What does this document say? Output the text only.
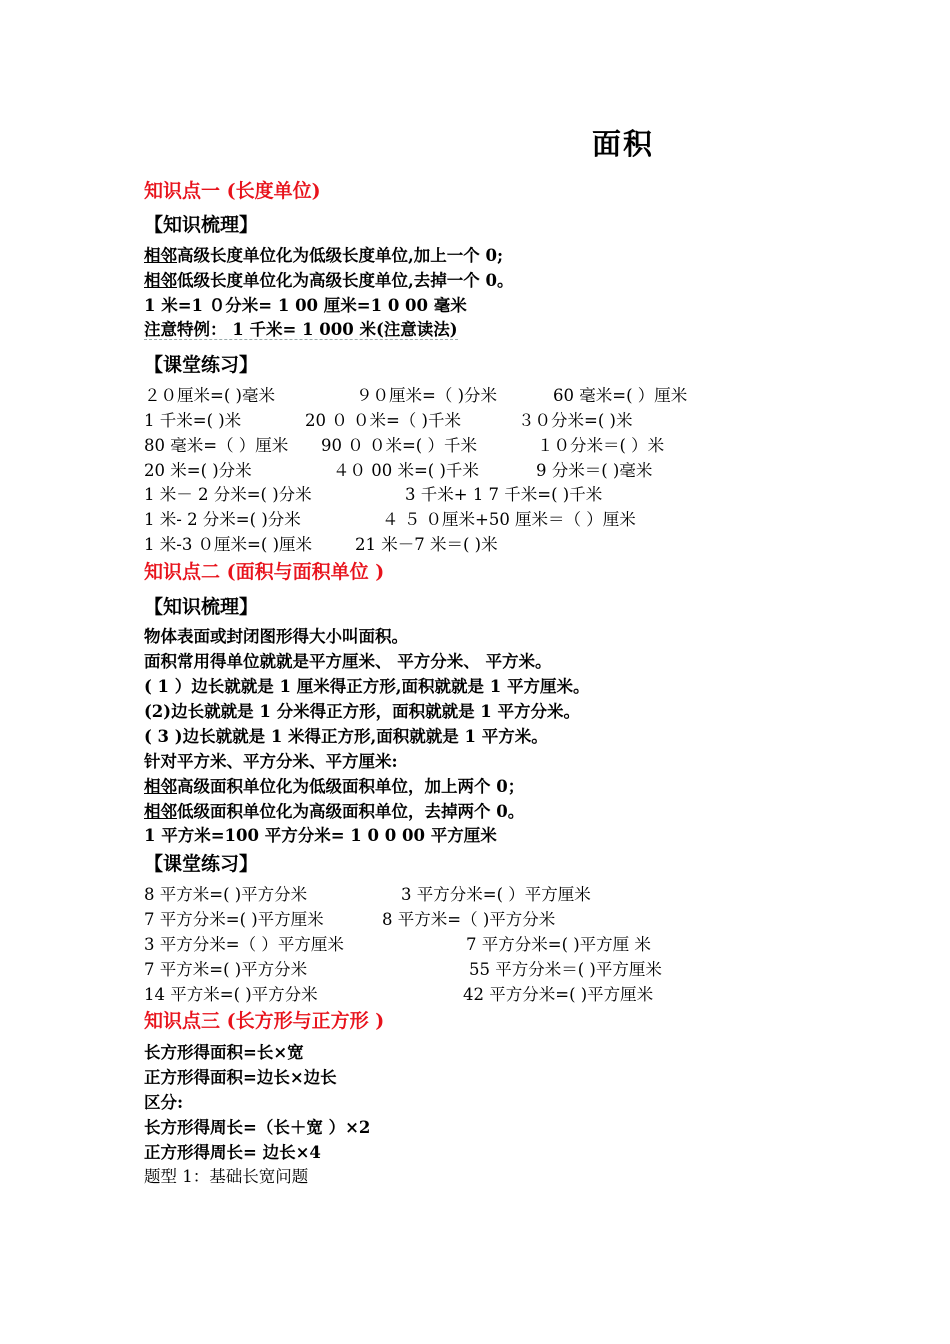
面积
知识点一 (长度单位)
【知识梳理】
相邻高级长度单位化为低级长度单位,加上一个 0;
相邻低级长度单位化为高级长度单位,去掉一个 0。
1 米=1 ０分米= 1 00 厘米=1 0 00 毫米
注意特例： 1 千米= 1 000 米(注意读法)
【课堂练习】
２０厘米=( )毫米	９０厘米=（ )分米	60 毫米=( ）厘米
1 千米=( )米	20 ０ ０米=（ )千米	３０分米=( )米
80 毫米=（ ）厘米 90 ０ ０米=( ）千米	１０分米＝( ）米
20 米=( )分米	４０ 00 米=( )千米	9 分米＝( )毫米
1 米－ 2 分米=( )分米	3 千米+ 1 7 千米=( )千米
1 米- 2 分米=( )分米	４ ５ ０厘米+50 厘米＝（ ）厘米
1 米-3 ０厘米=( )厘米	21 米－7 米＝( )米
知识点二 (面积与面积单位 )
【知识梳理】
物体表面或封闭图形得大小叫面积。
面积常用得单位就就是平方厘米、 平方分米、 平方米。
( 1 ）边长就就是 1 厘米得正方形,面积就就是 1 平方厘米。
(2)边长就就是 1 分米得正方形，面积就就是 1 平方分米。
( 3 )边长就就是 1 米得正方形,面积就就是 1 平方米。
针对平方米、平方分米、平方厘米:
相邻高级面积单位化为低级面积单位，加上两个 0；
相邻低级面积单位化为高级面积单位，去掉两个 0。
1 平方米=100 平方分米= 1 0 0 00 平方厘米
【课堂练习】
8 平方米=( )平方分米	3 平方分米=( ）平方厘米
7 平方分米=( )平方厘米	8 平方米=（ )平方分米
3 平方分米=（ ）平方厘米	7 平方分米=( )平方厘 米
7 平方米=( )平方分米	55 平方分米＝( )平方厘米
14 平方米=( )平方分米	42 平方分米=( )平方厘米
知识点三 (长方形与正方形 )
长方形得面积=长×宽
正方形得面积=边长×边长
区分:
长方形得周长=（长＋宽 ）×2
正方形得周长= 边长×4
题型 1：基础长宽问题
